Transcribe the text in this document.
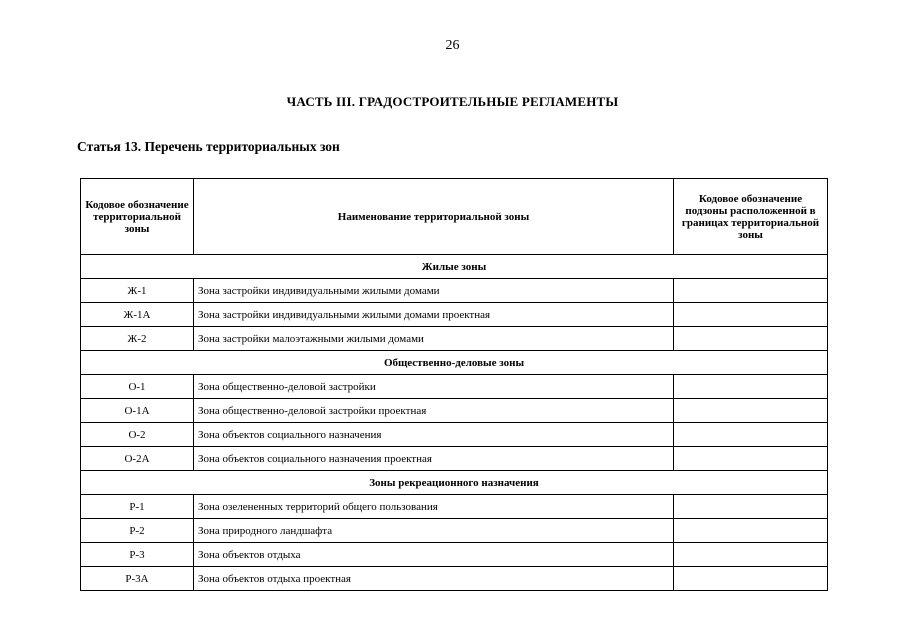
26
ЧАСТЬ III. ГРАДОСТРОИТЕЛЬНЫЕ РЕГЛАМЕНТЫ
Статья 13. Перечень территориальных зон
Кодовое обозначение территориальной зоны	Наименование территориальной зоны	Кодовое обозначение подзоны расположенной в границах территориальной зоны
Жилые зоны		
Ж-1	Зона застройки индивидуальными жилыми домами	
Ж-1А	Зона застройки индивидуальными жилыми домами проектная	
Ж-2	Зона застройки малоэтажными жилыми домами	
Общественно-деловые зоны		
О-1	Зона общественно-деловой застройки	
О-1А	Зона общественно-деловой застройки проектная	
О-2	Зона объектов социального назначения	
О-2А	Зона объектов социального назначения проектная	
Зоны рекреационного назначения		
Р-1	Зона озелененных территорий общего пользования	
Р-2	Зона природного ландшафта	
Р-3	Зона объектов отдыха	
Р-3А	Зона объектов отдыха проектная	
